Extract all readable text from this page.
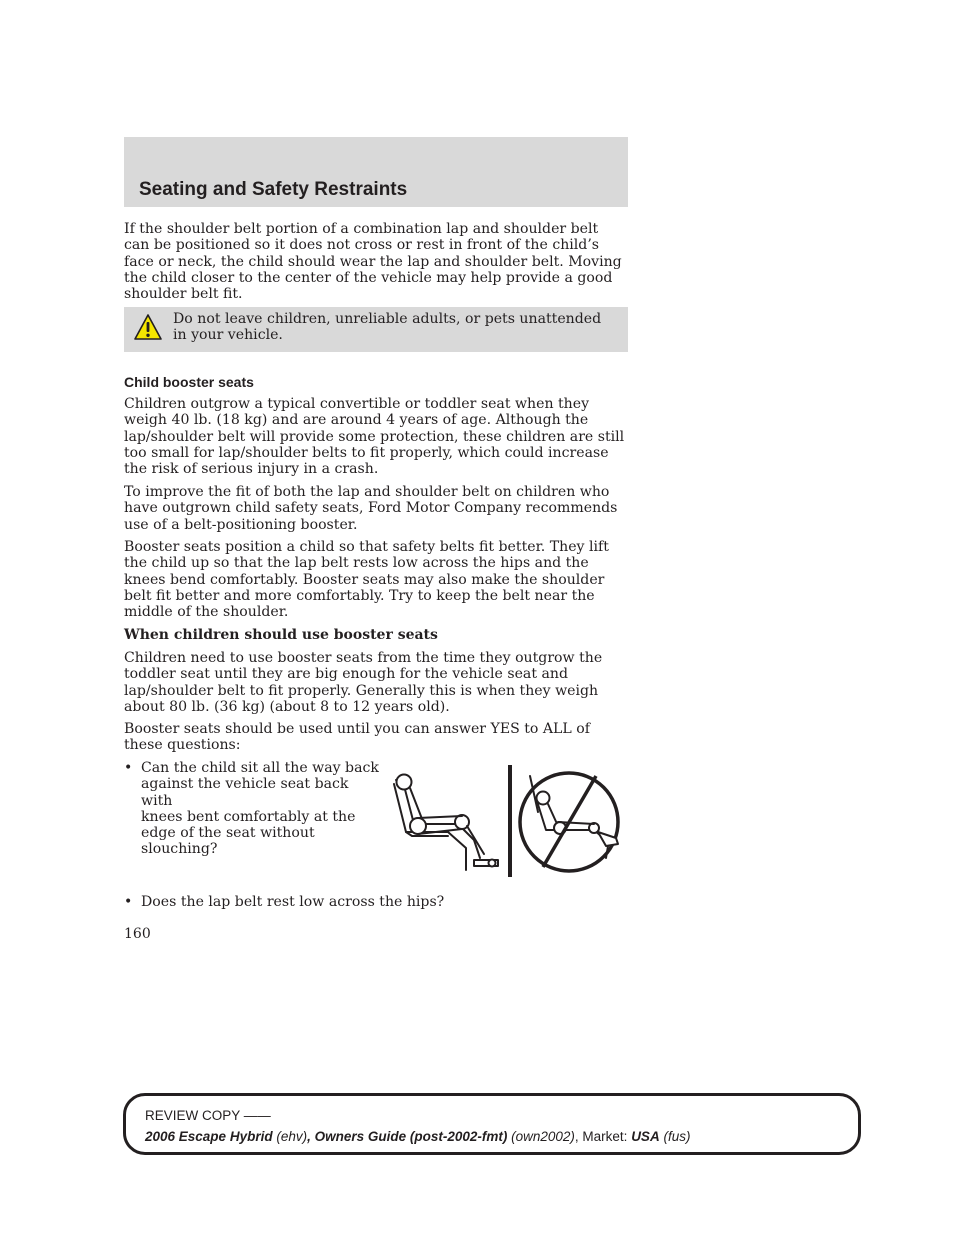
Seating and Safety Restraints

If the shoulder belt portion of a combination lap and shoulder belt can be positioned so it does not cross or rest in front of the child’s face or neck, the child should wear the lap and shoulder belt. Moving the child closer to the center of the vehicle may help provide a good shoulder belt fit.

Do not leave children, unreliable adults, or pets unattended in your vehicle.

Child booster seats

Children outgrow a typical convertible or toddler seat when they weigh 40 lb. (18 kg) and are around 4 years of age. Although the lap/shoulder belt will provide some protection, these children are still too small for lap/shoulder belts to fit properly, which could increase the risk of serious injury in a crash.

To improve the fit of both the lap and shoulder belt on children who have outgrown child safety seats, Ford Motor Company recommends use of a belt-positioning booster.

Booster seats position a child so that safety belts fit better. They lift the child up so that the lap belt rests low across the hips and the knees bend comfortably. Booster seats may also make the shoulder belt fit better and more comfortably. Try to keep the belt near the middle of the shoulder.

When children should use booster seats

Children need to use booster seats from the time they outgrow the toddler seat until they are big enough for the vehicle seat and lap/shoulder belt to fit properly. Generally this is when they weigh about 80 lb. (36 kg) (about 8 to 12 years old).

Booster seats should be used until you can answer YES to ALL of these questions:

• Can the child sit all the way back
against the vehicle seat back with
knees bent comfortably at the
edge of the seat without
slouching?
• Does the lap belt rest low across the hips?

160

REVIEW COPY ——

2006 Escape Hybrid (ehv), Owners Guide (post-2002-fmt) (own2002), Market: USA (fus)
